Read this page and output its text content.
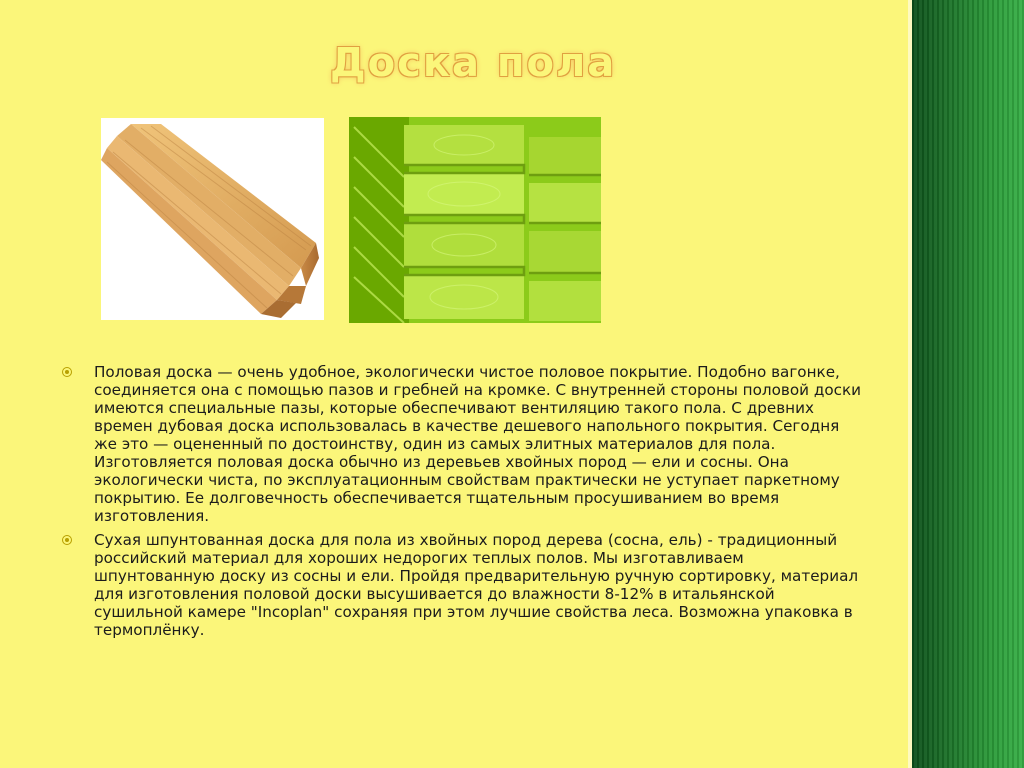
Доска пола
Половая доска — очень удобное, экологически чистое половое покрытие. Подобно вагонке, соединяется она с помощью пазов и гребней на кромке. С внутренней стороны половой доски имеются специальные пазы, которые обеспечивают вентиляцию такого пола. С древних времен дубовая доска использовалась в качестве дешевого напольного покрытия. Сегодня же это — оцененный по достоинству, один из самых элитных материалов для пола. Изготовляется половая доска обычно из деревьев хвойных пород — ели и сосны. Она экологически чиста, по эксплуатационным свойствам практически не уступает паркетному покрытию. Ее долговечность обеспечивается тщательным просушиванием во время изготовления.
Сухая шпунтованная доска для пола из хвойных пород дерева (сосна, ель) - традиционный российский материал для хороших недорогих теплых полов. Мы изготавливаем шпунтованную доску из сосны и ели. Пройдя предварительную ручную сортировку, материал для изготовления половой доски высушивается до влажности 8-12% в итальянской сушильной камере "Incoplan" сохраняя при этом лучшие свойства леса. Возможна упаковка в термоплёнку.
